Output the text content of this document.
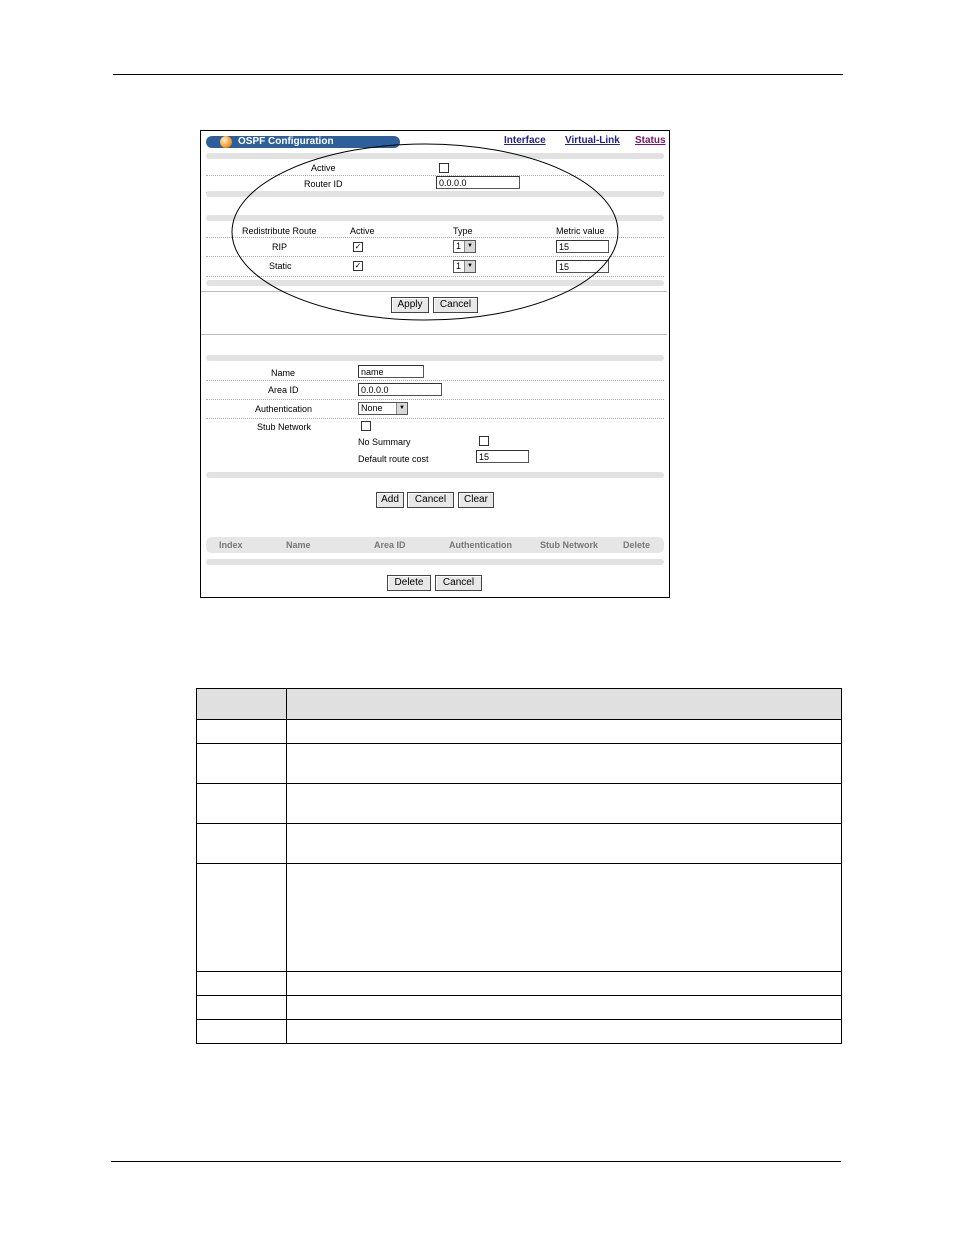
OSPF Configuration	Interface Virtual-Link Status
Active
Router ID	0.0.0.0
Redistribute Route	Active	Type	Metric value
RIP	✓	1	▼	15
Static	✓	1	▼	15
Apply	Cancel
Name	name
Area ID	0.0.0.0
Authentication	None	▼
Stub Network
No Summary
Default route cost	15
Add	Cancel	Clear
Index	Name	Area ID	Authentication	Stub Network	Delete
Delete	Cancel
